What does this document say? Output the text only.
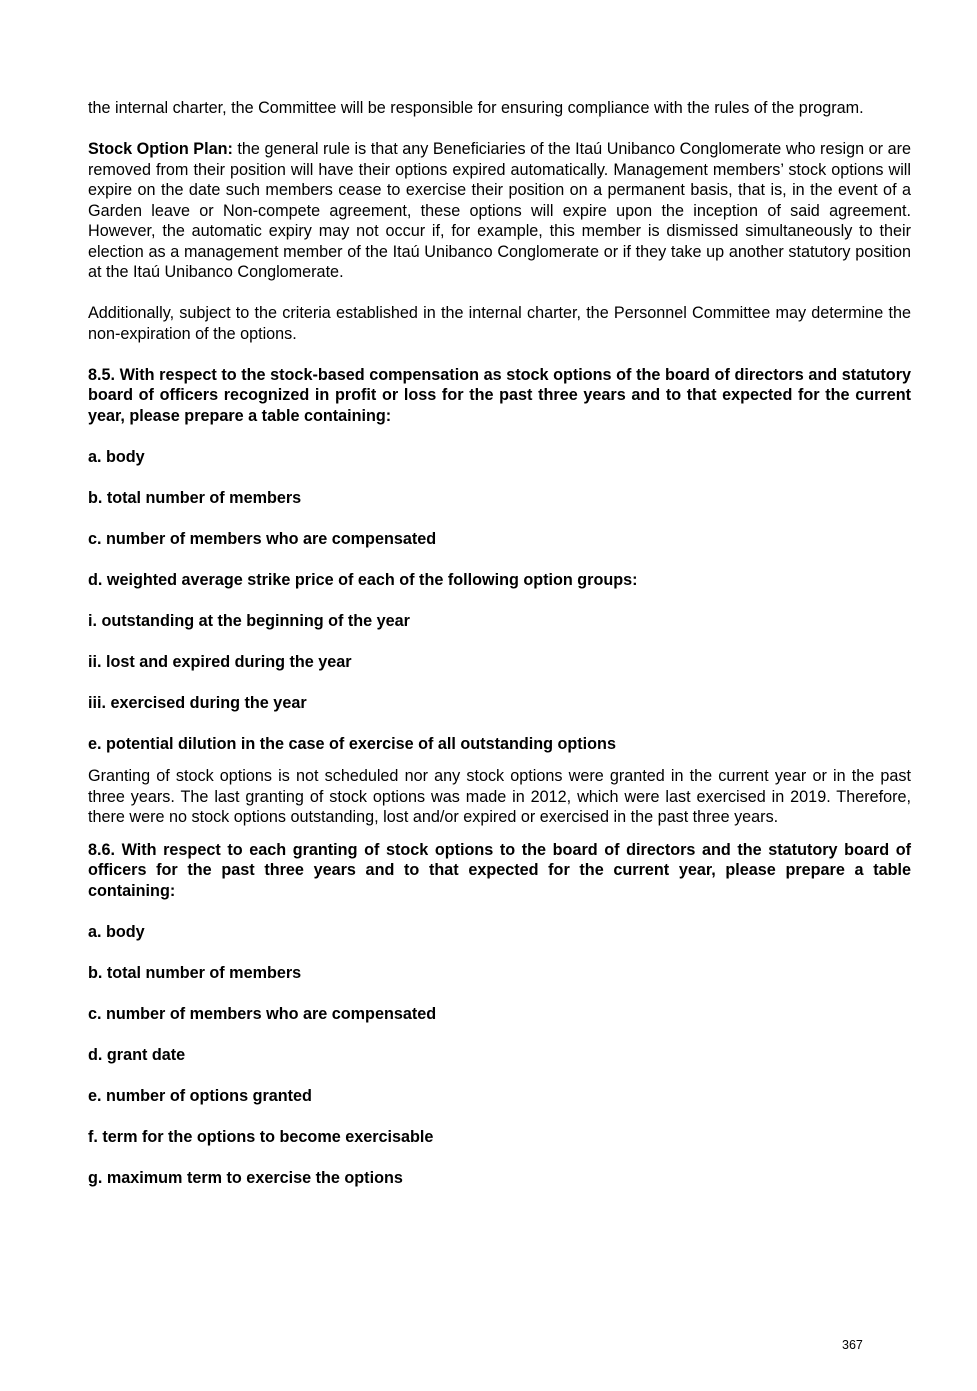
the internal charter, the Committee will be responsible for ensuring compliance with the rules of the program.

Stock Option Plan: the general rule is that any Beneficiaries of the Itaú Unibanco Conglomerate who resign or are removed from their position will have their options expired automatically. Management members’ stock options will expire on the date such members cease to exercise their position on a permanent basis, that is, in the event of a Garden leave or Non-compete agreement, these options will expire upon the inception of said agreement. However, the automatic expiry may not occur if, for example, this member is dismissed simultaneously to their election as a management member of the Itaú Unibanco Conglomerate or if they take up another statutory position at the Itaú Unibanco Conglomerate.

Additionally, subject to the criteria established in the internal charter, the Personnel Committee may determine the non-expiration of the options.

8.5. With respect to the stock-based compensation as stock options of the board of directors and statutory board of officers recognized in profit or loss for the past three years and to that expected for the current year, please prepare a table containing:

a. body

b. total number of members

c. number of members who are compensated

d. weighted average strike price of each of the following option groups:

i. outstanding at the beginning of the year

ii. lost and expired during the year

iii. exercised during the year

e. potential dilution in the case of exercise of all outstanding options

Granting of stock options is not scheduled nor any stock options were granted in the current year or in the past three years. The last granting of stock options was made in 2012, which were last exercised in 2019. Therefore, there were no stock options outstanding, lost and/or expired or exercised in the past three years.

8.6. With respect to each granting of stock options to the board of directors and the statutory board of officers for the past three years and to that expected for the current year, please prepare a table containing:

a. body

b. total number of members

c. number of members who are compensated

d. grant date

e. number of options granted

f. term for the options to become exercisable

g. maximum term to exercise the options

367
